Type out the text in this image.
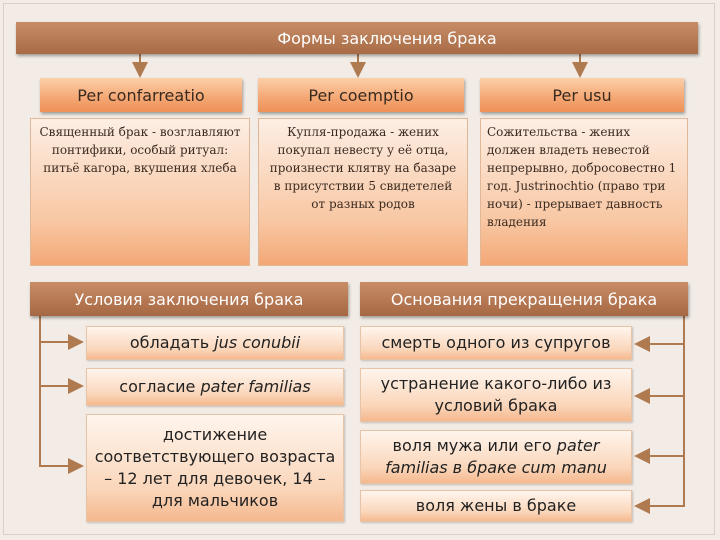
Формы заключения брака
Per confarreatio	Per coemptio	Per usu
Священный брак - возглавляют понтифики, особый ритуал: питьё кагора, вкушения хлеба
Купля-продажа - жених покупал невесту у её отца, произнести клятву на базаре в присутствии 5 свидетелей от разных родов
Сожительства - жених должен владеть невестой непрерывно, добросовестно 1 год. Justrinochtio (право три ночи) - прерывает давность владения
Условия заключения брака	Основания прекращения брака
обладать jus conubii
согласие pater familias
достижение соответствующего возраста – 12 лет для девочек, 14 – для мальчиков
смерть одного из супругов
устранение какого-либо из условий брака
воля мужа или его pater familias в браке cum manu
воля жены в браке
